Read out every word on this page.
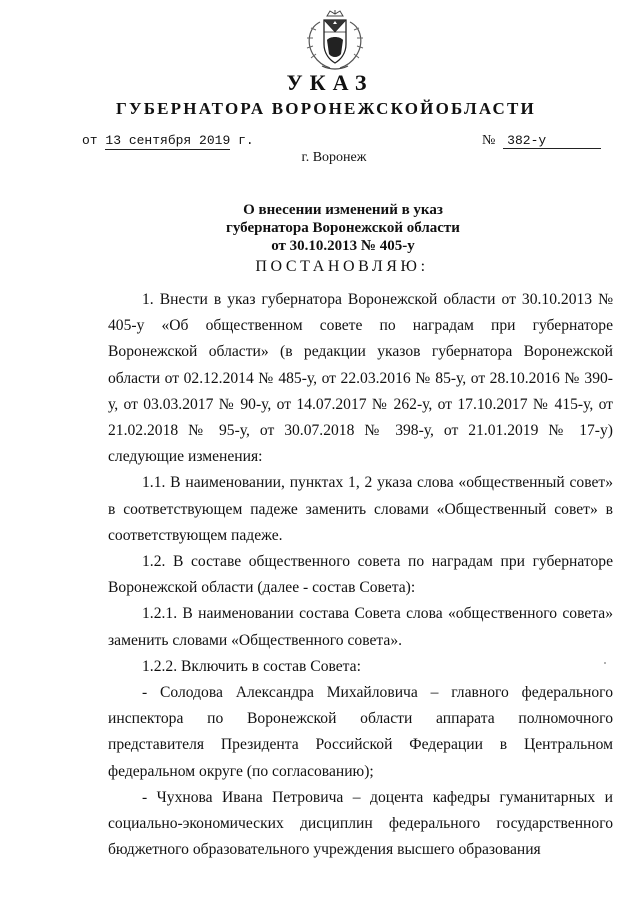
УКАЗ
ГУБЕРНАТОРА ВОРОНЕЖСКОЙОБЛАСТИ
от 13 сентября 2019 г.	№ 382-у
г. Воронеж
О внесении изменений в указ
губернатора Воронежской области
от 30.10.2013 № 405-у
ПОСТАНОВЛЯЮ:

1. Внести в указ губернатора Воронежской области от 30.10.2013 № 405-у «Об общественном совете по наградам при губернаторе Воронежской области» (в редакции указов губернатора Воронежской области от 02.12.2014 № 485-у, от 22.03.2016 № 85-у, от 28.10.2016 № 390-у, от 03.03.2017 № 90-у, от 14.07.2017 № 262-у, от 17.10.2017 № 415-у, от 21.02.2018 № 95-у, от 30.07.2018 № 398-у, от 21.01.2019 № 17-у) следующие изменения:

1.1. В наименовании, пунктах 1, 2 указа слова «общественный совет» в соответствующем падеже заменить словами «Общественный совет» в соответствующем падеже.

1.2. В составе общественного совета по наградам при губернаторе Воронежской области (далее - состав Совета):

1.2.1. В наименовании состава Совета слова «общественного совета» заменить словами «Общественного совета».

1.2.2. Включить в состав Совета:

- Солодова Александра Михайловича – главного федерального инспектора по Воронежской области аппарата полномочного представителя Президента Российской Федерации в Центральном федеральном округе (по согласованию);

- Чухнова Ивана Петровича – доцента кафедры гуманитарных и социально-экономических дисциплин федерального государственного бюджетного образовательного учреждения высшего образования
